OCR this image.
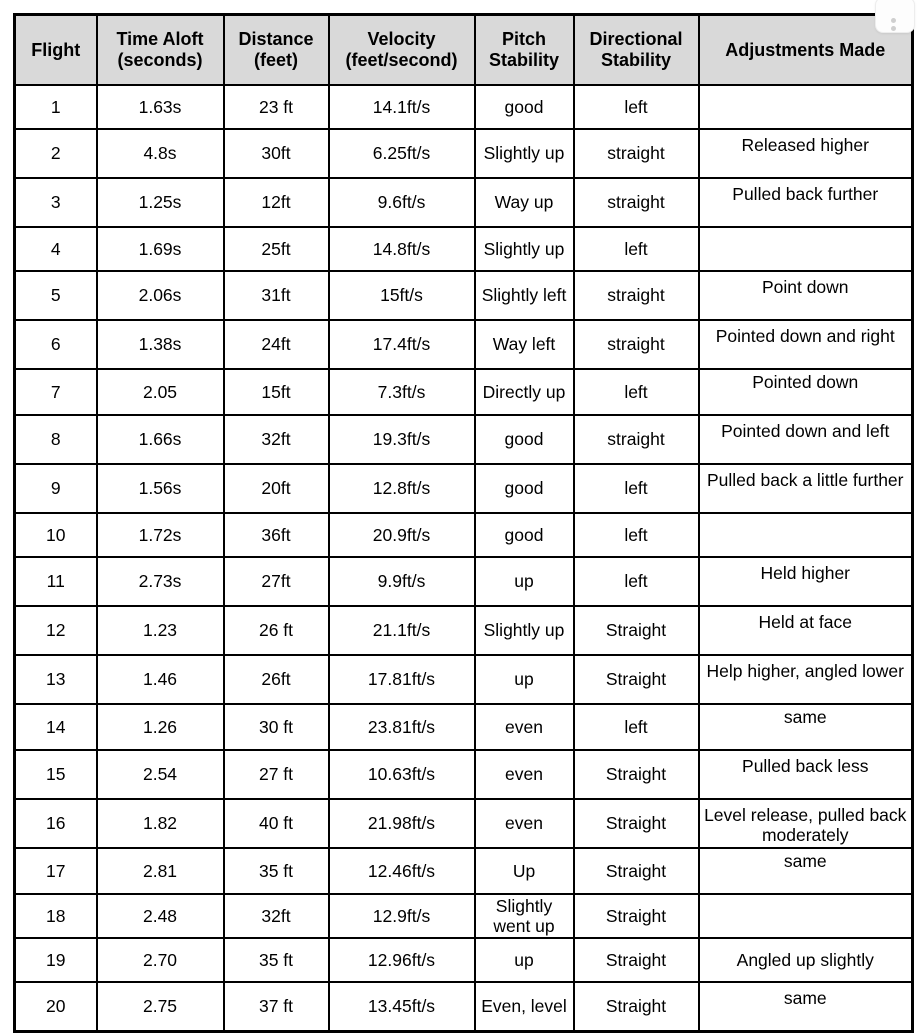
Flight	Time Aloft (seconds)	Distance (feet)	Velocity (feet/second)	Pitch Stability	Directional Stability	Adjustments Made
1	1.63s	23 ft	14.1ft/s	good	left	
2	4.8s	30ft	6.25ft/s	Slightly up	straight	Released higher
3	1.25s	12ft	9.6ft/s	Way up	straight	Pulled back further
4	1.69s	25ft	14.8ft/s	Slightly up	left	
5	2.06s	31ft	15ft/s	Slightly left	straight	Point down
6	1.38s	24ft	17.4ft/s	Way left	straight	Pointed down and right
7	2.05	15ft	7.3ft/s	Directly up	left	Pointed down
8	1.66s	32ft	19.3ft/s	good	straight	Pointed down and left
9	1.56s	20ft	12.8ft/s	good	left	Pulled back a little further
10	1.72s	36ft	20.9ft/s	good	left	
11	2.73s	27ft	9.9ft/s	up	left	Held higher
12	1.23	26 ft	21.1ft/s	Slightly up	Straight	Held at face
13	1.46	26ft	17.81ft/s	up	Straight	Help higher, angled lower
14	1.26	30 ft	23.81ft/s	even	left	same
15	2.54	27 ft	10.63ft/s	even	Straight	Pulled back less
16	1.82	40 ft	21.98ft/s	even	Straight	Level release, pulled back moderately
17	2.81	35 ft	12.46ft/s	Up	Straight	same
18	2.48	32ft	12.9ft/s	Slightly went up	Straight	
19	2.70	35 ft	12.96ft/s	up	Straight	Angled up slightly
20	2.75	37 ft	13.45ft/s	Even, level	Straight	same
